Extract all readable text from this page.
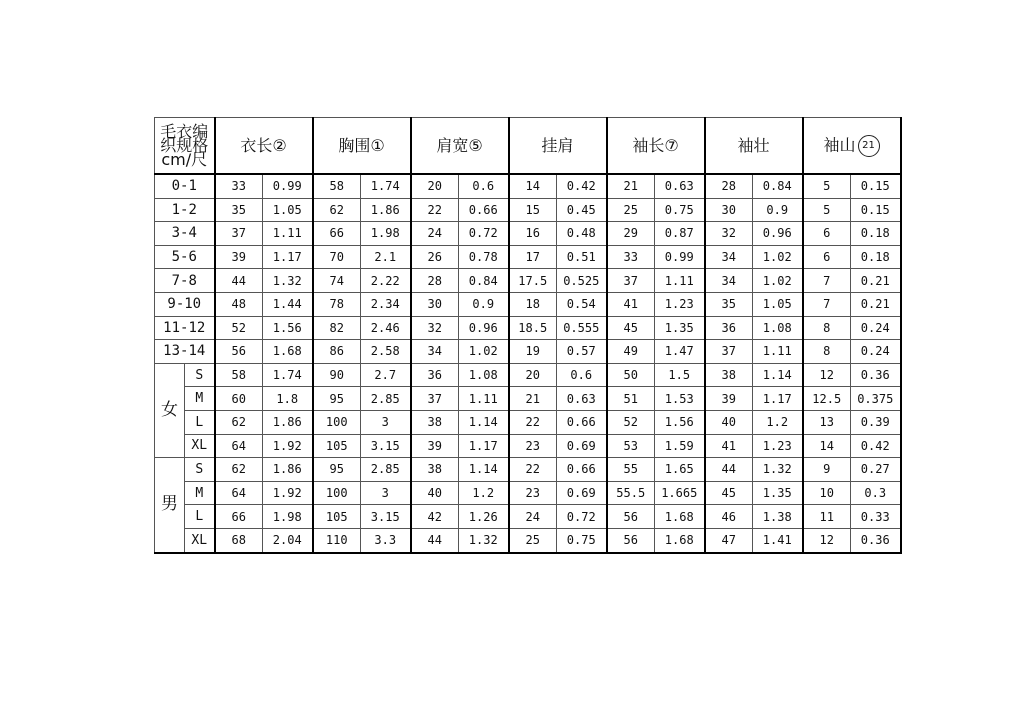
毛衣编织规格cm/尺		衣长②		胸围①		肩宽⑤		挂肩		袖长⑦		袖壮		袖山 21	
0-1		33	0.99	58	1.74	20	0.6	14	0.42	21	0.63	28	0.84	5	0.15
1-2		35	1.05	62	1.86	22	0.66	15	0.45	25	0.75	30	0.9	5	0.15
3-4		37	1.11	66	1.98	24	0.72	16	0.48	29	0.87	32	0.96	6	0.18
5-6		39	1.17	70	2.1	26	0.78	17	0.51	33	0.99	34	1.02	6	0.18
7-8		44	1.32	74	2.22	28	0.84	17.5	0.525	37	1.11	34	1.02	7	0.21
9-10		48	1.44	78	2.34	30	0.9	18	0.54	41	1.23	35	1.05	7	0.21
11-12		52	1.56	82	2.46	32	0.96	18.5	0.555	45	1.35	36	1.08	8	0.24
13-14		56	1.68	86	2.58	34	1.02	19	0.57	49	1.47	37	1.11	8	0.24
女	S	58	1.74	90	2.7	36	1.08	20	0.6	50	1.5	38	1.14	12	0.36
	M	60	1.8	95	2.85	37	1.11	21	0.63	51	1.53	39	1.17	12.5	0.375
	L	62	1.86	100	3	38	1.14	22	0.66	52	1.56	40	1.2	13	0.39
	XL	64	1.92	105	3.15	39	1.17	23	0.69	53	1.59	41	1.23	14	0.42
男	S	62	1.86	95	2.85	38	1.14	22	0.66	55	1.65	44	1.32	9	0.27
	M	64	1.92	100	3	40	1.2	23	0.69	55.5	1.665	45	1.35	10	0.3
	L	66	1.98	105	3.15	42	1.26	24	0.72	56	1.68	46	1.38	11	0.33
	XL	68	2.04	110	3.3	44	1.32	25	0.75	56	1.68	47	1.41	12	0.36
